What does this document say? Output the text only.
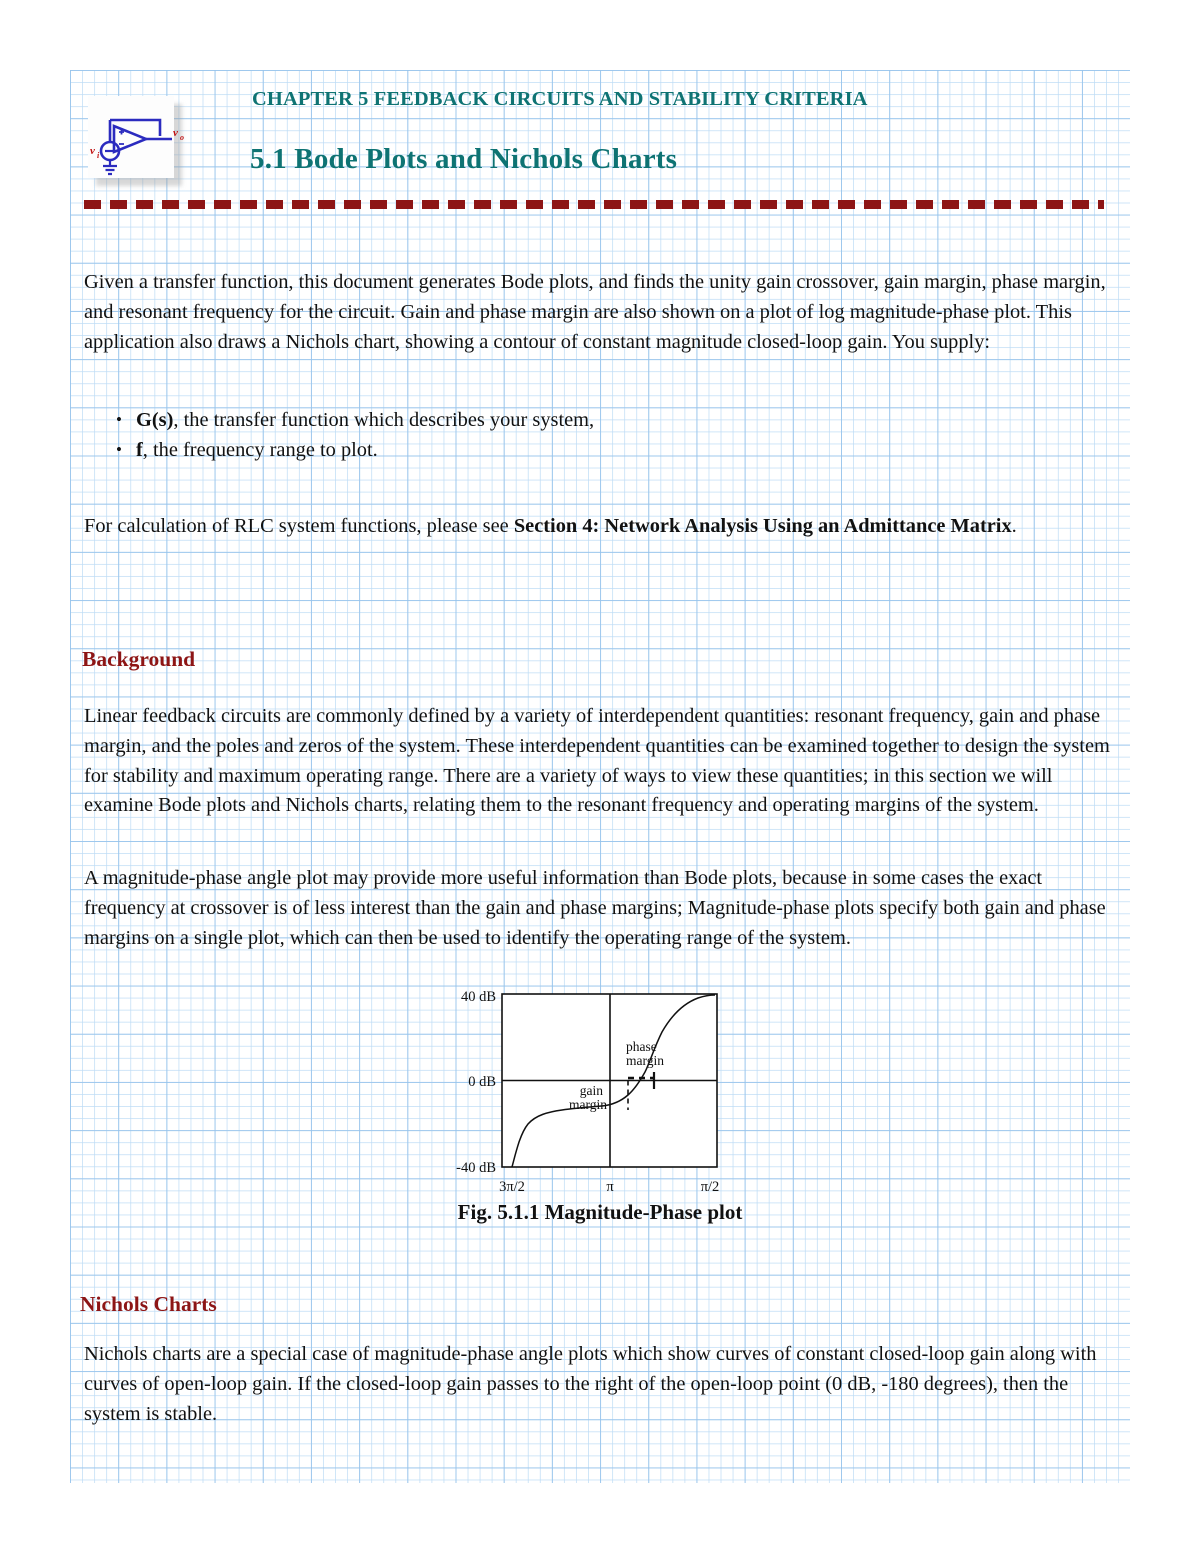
v i
v o
CHAPTER 5 FEEDBACK CIRCUITS AND STABILITY CRITERIA
5.1 Bode Plots and Nichols Charts
Given a transfer function, this document generates Bode plots, and finds the unity gain crossover, gain margin, phase margin, and resonant frequency for the circuit. Gain and phase margin are also shown on a plot of log magnitude-phase plot. This application also draws a Nichols chart, showing a contour of constant magnitude closed-loop gain. You supply:
• G(s), the transfer function which describes your system,
• f, the frequency range to plot.
For calculation of RLC system functions, please see Section 4: Network Analysis Using an Admittance Matrix.
Background
Linear feedback circuits are commonly defined by a variety of interdependent quantities: resonant frequency, gain and phase margin, and the poles and zeros of the system. These interdependent quantities can be examined together to design the system for stability and maximum operating range. There are a variety of ways to view these quantities; in this section we will examine Bode plots and Nichols charts, relating them to the resonant frequency and operating margins of the system.
A magnitude-phase angle plot may provide more useful information than Bode plots, because in some cases the exact frequency at crossover is of less interest than the gain and phase margins; Magnitude-phase plots specify both gain and phase margins on a single plot, which can then be used to identify the operating range of the system.
40 dB
0 dB
-40 dB
3π/2	π	π/2
phase
margin
gain
margin
Fig. 5.1.1 Magnitude-Phase plot
Nichols Charts
Nichols charts are a special case of magnitude-phase angle plots which show curves of constant closed-loop gain along with curves of open-loop gain. If the closed-loop gain passes to the right of the open-loop point (0 dB, -180 degrees), then the system is stable.
